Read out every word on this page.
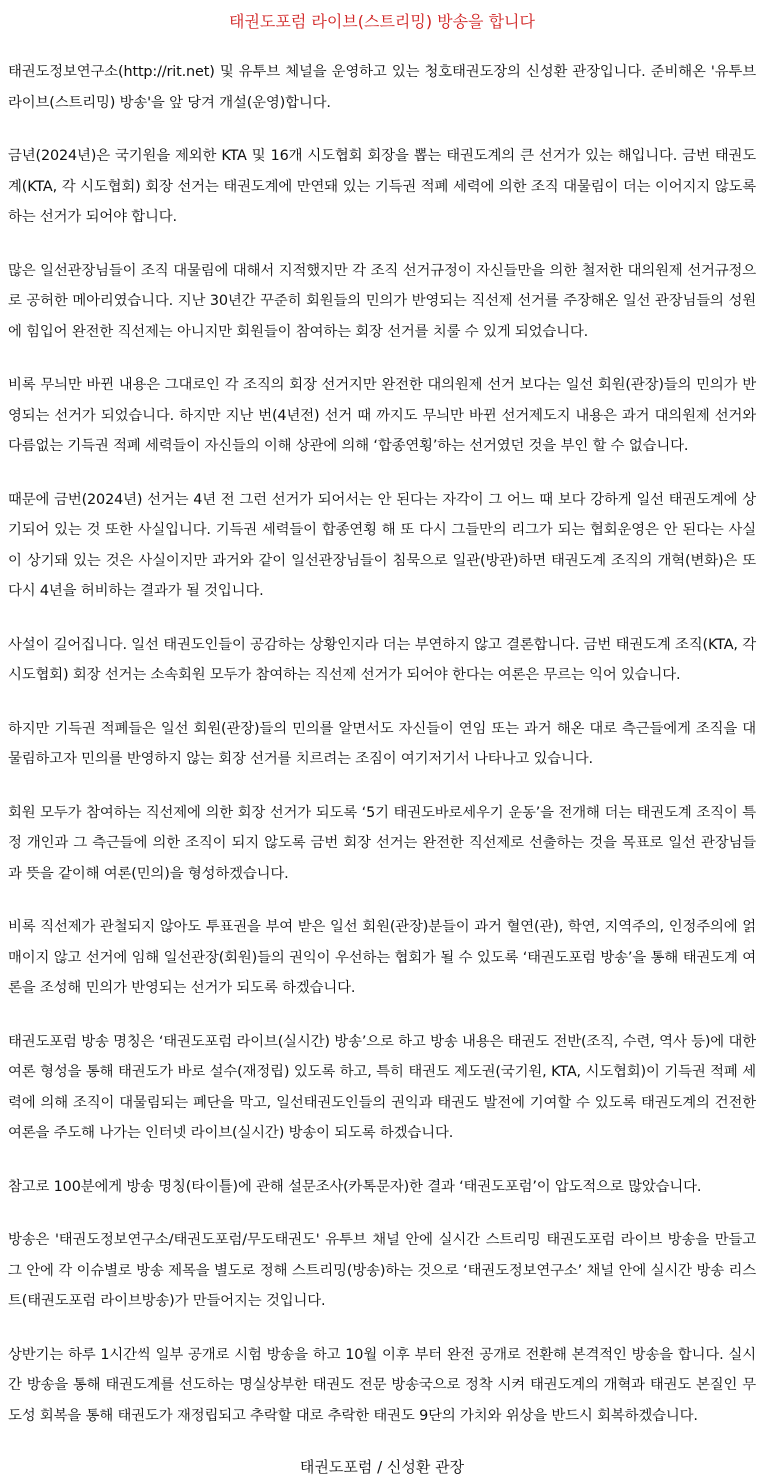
태권도포럼 라이브(스트리밍) 방송을 합니다

태권도정보연구소(http://rit.net) 및 유투브 체널을 운영하고 있는 청호태권도장의 신성환 관장입니다. 준비해온 '유투브 라이브(스트리밍) 방송'을 앞 당겨 개설(운영)합니다.

금년(2024년)은 국기원을 제외한 KTA 및 16개 시도협회 회장을 뽑는 태권도계의 큰 선거가 있는 해입니다. 금번 태권도계(KTA, 각 시도협회) 회장 선거는 태권도계에 만연돼 있는 기득권 적폐 세력에 의한 조직 대물림이 더는 이어지지 않도록 하는 선거가 되어야 합니다.

많은 일선관장님들이 조직 대물림에 대해서 지적했지만 각 조직 선거규정이 자신들만을 의한 철저한 대의원제 선거규정으로 공허한 메아리였습니다. 지난 30년간 꾸준히 회원들의 민의가 반영되는 직선제 선거를 주장해온 일선 관장님들의 성원에 힘입어 완전한 직선제는 아니지만 회원들이 참여하는 회장 선거를 치룰 수 있게 되었습니다.

비록 무늬만 바뀐 내용은 그대로인 각 조직의 회장 선거지만 완전한 대의원제 선거 보다는 일선 회원(관장)들의 민의가 반영되는 선거가 되었습니다. 하지만 지난 번(4년전) 선거 때 까지도 무늬만 바뀐 선거제도지 내용은 과거 대의원제 선거와 다름없는 기득권 적폐 세력들이 자신들의 이해 상관에 의해 ‘합종연횡’하는 선거였던 것을 부인 할 수 없습니다.

때문에 금번(2024년) 선거는 4년 전 그런 선거가 되어서는 안 된다는 자각이 그 어느 때 보다 강하게 일선 태권도계에 상기되어 있는 것 또한 사실입니다. 기득권 세력들이 합종연횡 해 또 다시 그들만의 리그가 되는 협회운영은 안 된다는 사실이 상기돼 있는 것은 사실이지만 과거와 같이 일선관장님들이 침묵으로 일관(방관)하면 태권도계 조직의 개혁(변화)은 또 다시 4년을 허비하는 결과가 될 것입니다.

사설이 길어집니다. 일선 태권도인들이 공감하는 상황인지라 더는 부연하지 않고 결론합니다. 금번 태권도계 조직(KTA, 각 시도협회) 회장 선거는 소속회원 모두가 참여하는 직선제 선거가 되어야 한다는 여론은 무르는 익어 있습니다.

하지만 기득권 적폐들은 일선 회원(관장)들의 민의를 알면서도 자신들이 연임 또는 과거 해온 대로 측근들에게 조직을 대물림하고자 민의를 반영하지 않는 회장 선거를 치르려는 조짐이 여기저기서 나타나고 있습니다.

회원 모두가 참여하는 직선제에 의한 회장 선거가 되도록 ‘5기 태권도바로세우기 운동’을 전개해 더는 태권도계 조직이 특정 개인과 그 측근들에 의한 조직이 되지 않도록 금번 회장 선거는 완전한 직선제로 선출하는 것을 목표로 일선 관장님들과 뜻을 같이해 여론(민의)을 형성하겠습니다.

비록 직선제가 관철되지 않아도 투표권을 부여 받은 일선 회원(관장)분들이 과거 혈연(관), 학연, 지역주의, 인정주의에 얽매이지 않고 선거에 임해 일선관장(회원)들의 권익이 우선하는 협회가 될 수 있도록 ‘태권도포럼 방송’을 통해 태권도계 여론을 조성해 민의가 반영되는 선거가 되도록 하겠습니다.

태권도포럼 방송 명칭은 ‘태권도포럼 라이브(실시간) 방송’으로 하고 방송 내용은 태권도 전반(조직, 수련, 역사 등)에 대한 여론 형성을 통해 태권도가 바로 설수(재정립) 있도록 하고, 특히 태권도 제도권(국기원, KTA, 시도협회)이 기득권 적폐 세력에 의해 조직이 대물림되는 폐단을 막고, 일선태권도인들의 권익과 태권도 발전에 기여할 수 있도록 태권도계의 건전한 여론을 주도해 나가는 인터넷 라이브(실시간) 방송이 되도록 하겠습니다.

참고로 100분에게 방송 명칭(타이틀)에 관해 설문조사(카톡문자)한 결과 ‘태권도포럼’이 압도적으로 많았습니다.

방송은 '태권도정보연구소/태권도포럼/무도태권도' 유투브 채널 안에 실시간 스트리밍 태권도포럼 라이브 방송을 만들고 그 안에 각 이슈별로 방송 제목을 별도로 정해 스트리밍(방송)하는 것으로 ‘태권도정보연구소’ 채널 안에 실시간 방송 리스트(태권도포럼 라이브방송)가 만들어지는 것입니다.

상반기는 하루 1시간씩 일부 공개로 시험 방송을 하고 10월 이후 부터 완전 공개로 전환해 본격적인 방송을 합니다. 실시간 방송을 통해 태권도계를 선도하는 명실상부한 태권도 전문 방송국으로 정착 시켜 태권도계의 개혁과 태권도 본질인 무도성 회복을 통해 태권도가 재정립되고 추락할 대로 추락한 태권도 9단의 가치와 위상을 반드시 회복하겠습니다.

태권도포럼 / 신성환 관장
